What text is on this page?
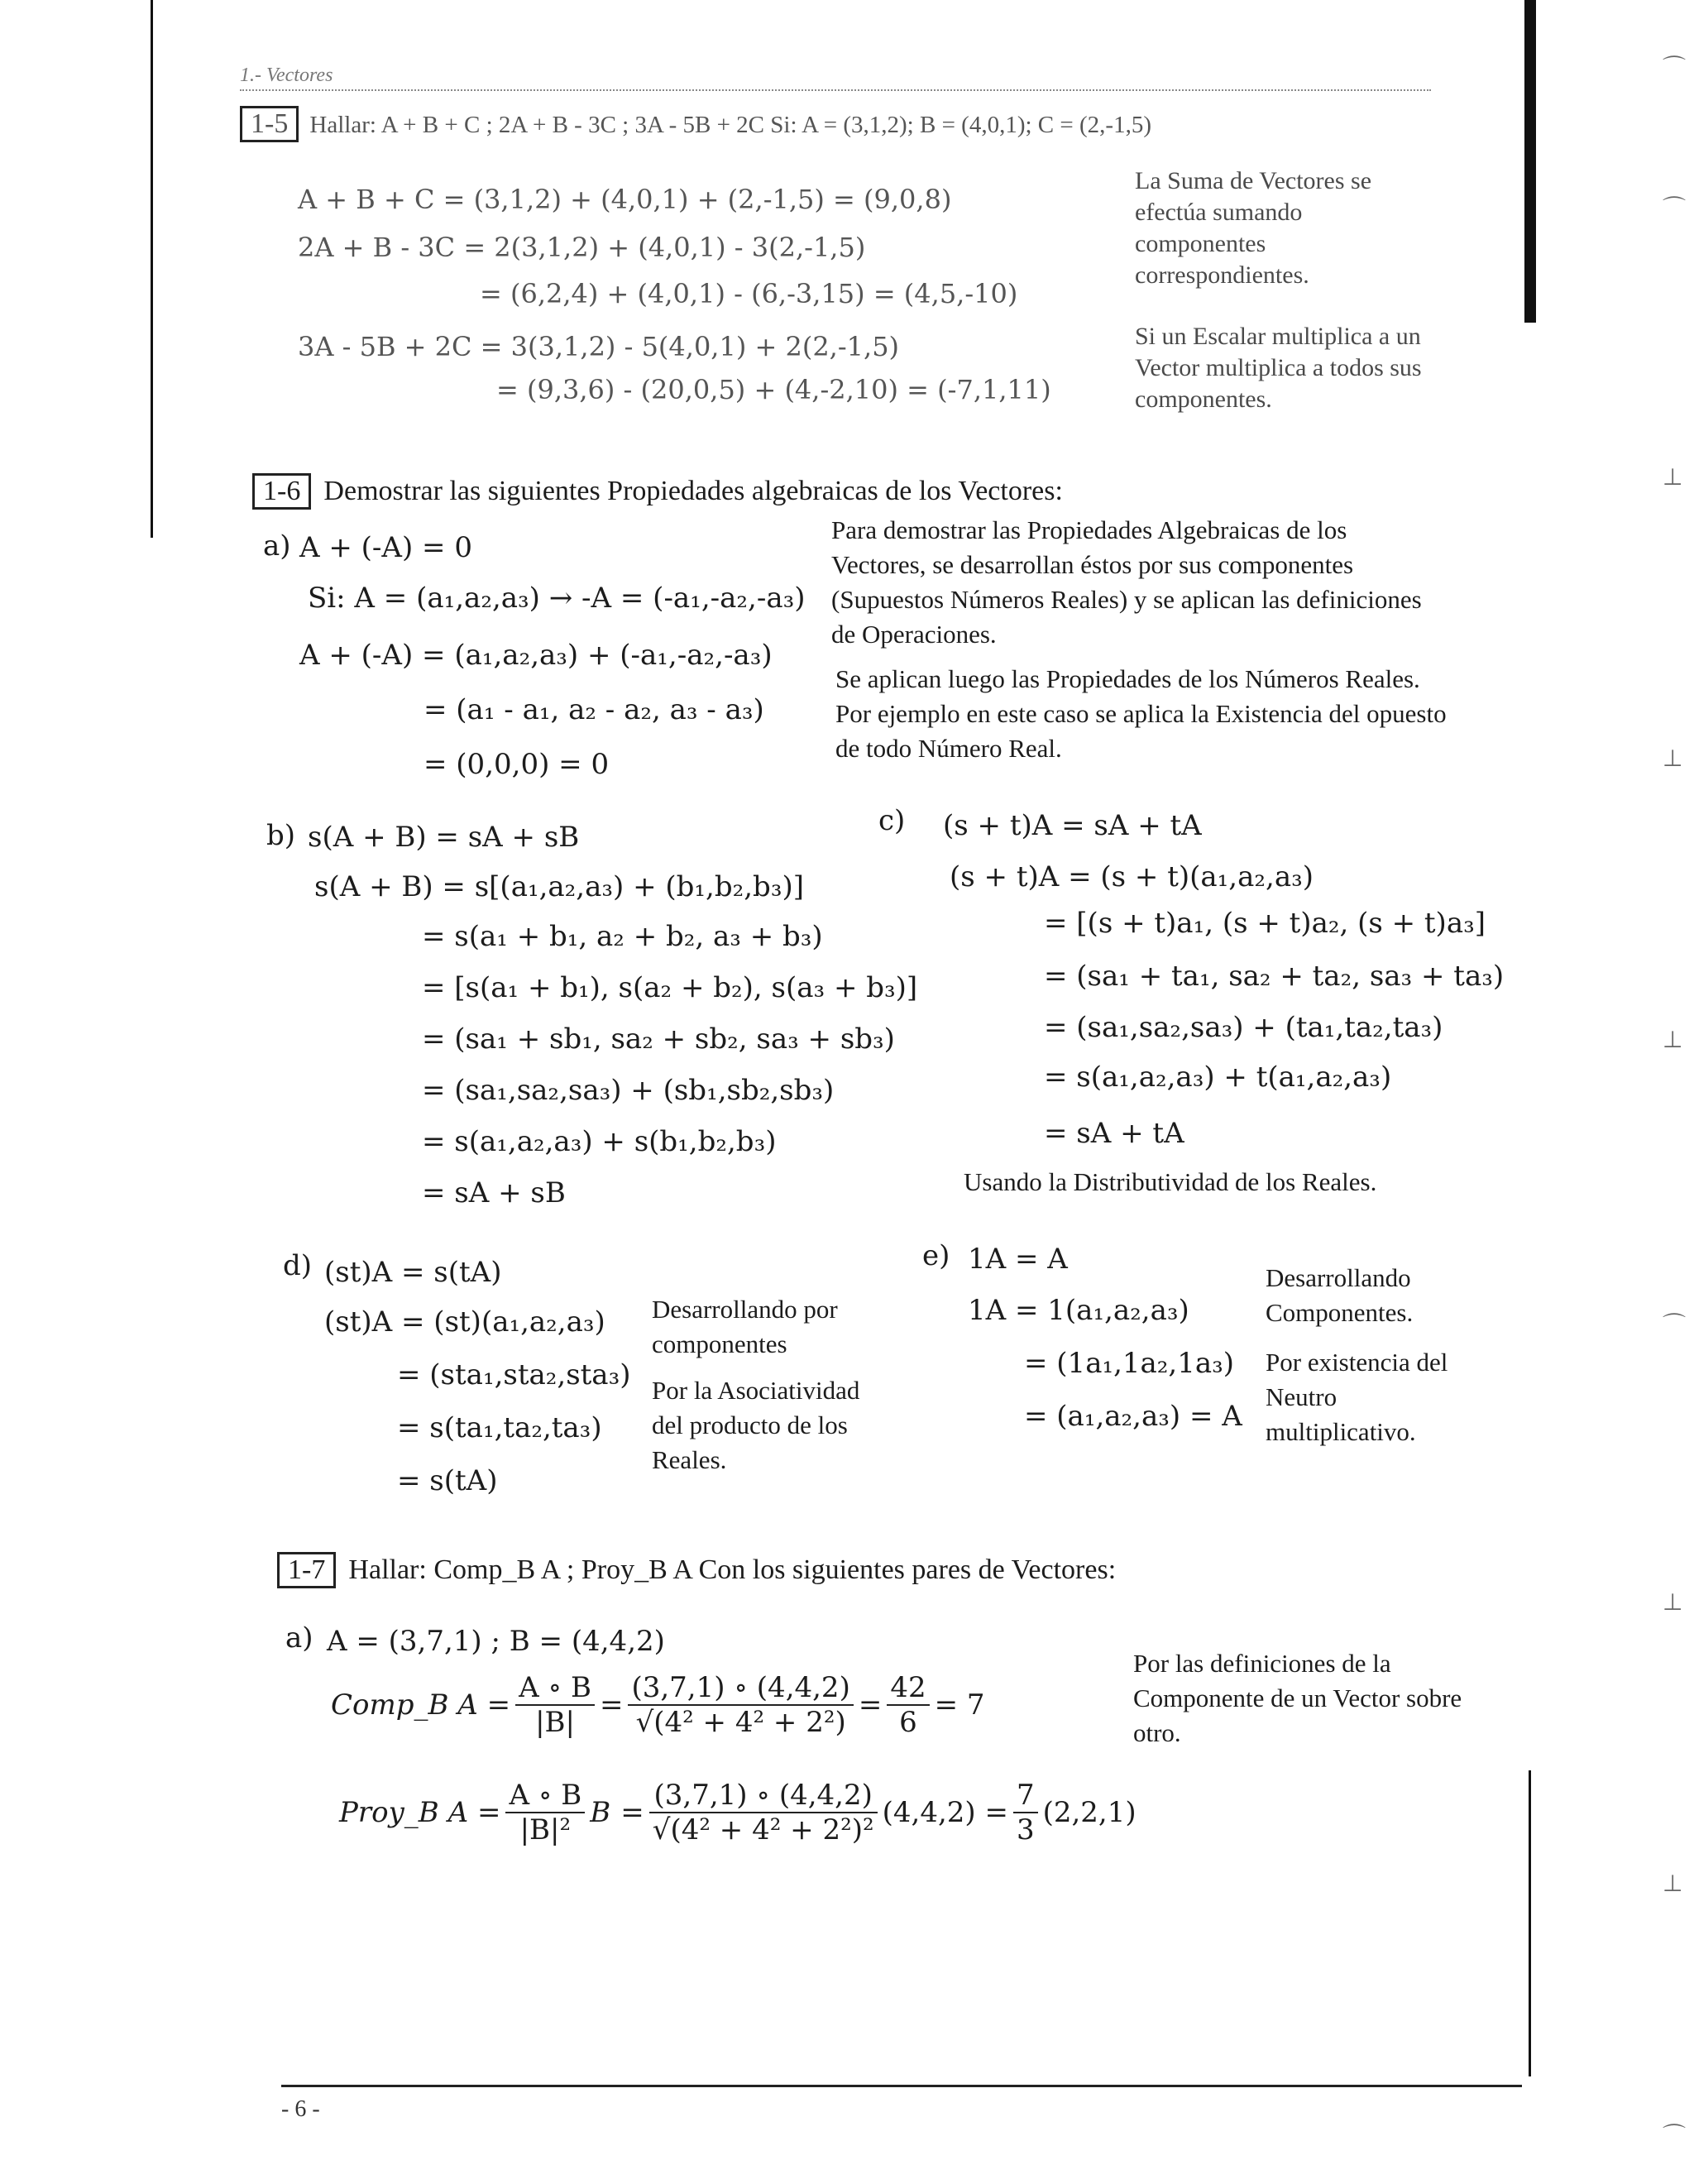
1.- Vectores
1-5 Hallar: A + B + C ; 2A + B - 3C ; 3A - 5B + 2C Si: A = (3,1,2); B = (4,0,1); C = (2,-1,5)
A + B + C = (3,1,2) + (4,0,1) + (2,-1,5) = (9,0,8)
2A + B - 3C = 2(3,1,2) + (4,0,1) - 3(2,-1,5)
= (6,2,4) + (4,0,1) - (6,-3,15) = (4,5,-10)
3A - 5B + 2C = 3(3,1,2) - 5(4,0,1) + 2(2,-1,5)
= (9,3,6) - (20,0,5) + (4,-2,10) = (-7,1,11)
La Suma de Vectores se efectúa sumando componentes correspondientes.
Si un Escalar multiplica a un Vector multiplica a todos sus componentes.
1-6 Demostrar las siguientes Propiedades algebraicas de los Vectores:
a) A + (-A) = 0
Si: A = (a₁,a₂,a₃) → -A = (-a₁,-a₂,-a₃)
A + (-A) = (a₁,a₂,a₃) + (-a₁,-a₂,-a₃)
= (a₁ - a₁, a₂ - a₂, a₃ - a₃)
= (0,0,0) = 0
Para demostrar las Propiedades Algebraicas de los Vectores, se desarrollan éstos por sus componentes (Supuestos Números Reales) y se aplican las definiciones de Operaciones.
Se aplican luego las Propiedades de los Números Reales. Por ejemplo en este caso se aplica la Existencia del opuesto de todo Número Real.
b) s(A + B) = sA + sB
s(A + B) = s[(a₁,a₂,a₃) + (b₁,b₂,b₃)]
= s(a₁ + b₁, a₂ + b₂, a₃ + b₃)
= [s(a₁ + b₁), s(a₂ + b₂), s(a₃ + b₃)]
= (sa₁ + sb₁, sa₂ + sb₂, sa₃ + sb₃)
= (sa₁,sa₂,sa₃) + (sb₁,sb₂,sb₃)
= s(a₁,a₂,a₃) + s(b₁,b₂,b₃)
= sA + sB
c) (s + t)A = sA + tA
(s + t)A = (s + t)(a₁,a₂,a₃)
= [(s + t)a₁, (s + t)a₂, (s + t)a₃]
= (sa₁ + ta₁, sa₂ + ta₂, sa₃ + ta₃)
= (sa₁,sa₂,sa₃) + (ta₁,ta₂,ta₃)
= s(a₁,a₂,a₃) + t(a₁,a₂,a₃)
= sA + tA
Usando la Distributividad de los Reales.
d) (st)A = s(tA)
(st)A = (st)(a₁,a₂,a₃)
= (sta₁,sta₂,sta₃)
= s(ta₁,ta₂,ta₃)
= s(tA)
Desarrollando por componentes
Por la Asociatividad del producto de los Reales.
e) 1A = A
1A = 1(a₁,a₂,a₃)
= (1a₁,1a₂,1a₃)
= (a₁,a₂,a₃) = A
Desarrollando Componentes.
Por existencia del Neutro multiplicativo.
1-7 Hallar: Comp_B A ; Proy_B A Con los siguientes pares de Vectores:
a) A = (3,7,1) ; B = (4,4,2)
Comp_B $A = \frac{A \circ B}{|B|} = \frac{(3,7,1) \circ (4,4,2)}{\text{√(4² + 4² + 2²)}} = \frac{42}{6} = 7$
Proy_B $A = \frac{A \circ B}{\text{|B|²}}$ $B = \frac{(3,7,1) \circ (4,4,2)}{\text{√(4² + 4² + 2²)²}} (4,4,2) = \frac{7}{3} (2,2,1)$
Por las definiciones de la Componente de un Vector sobre otro.
- 6 -
⌒
⌒
⊥
⊥
⊥
⌒
⊥
⊥
⌒
